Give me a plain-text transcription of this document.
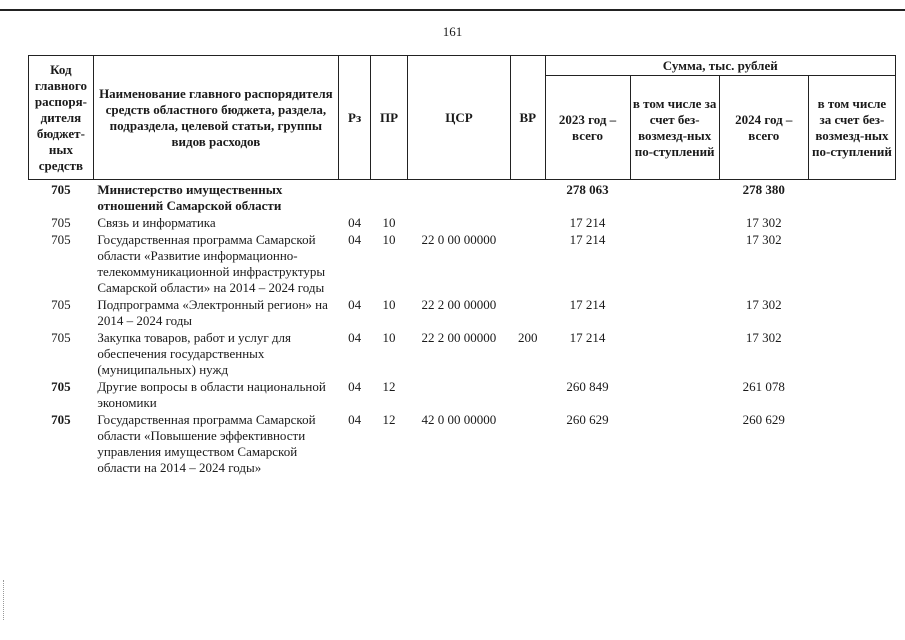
161
Код главного распоря-дителя бюджет-ных средств	Наименование главного распорядителя средств областного бюджета, раздела, подраздела, целевой статьи, группы видов расходов	Рз	ПР	ЦСР	ВР	Сумма, тыс. рублей			
						2023 год – всего	в том числе за счет без-возмезд-ных по-ступлений	2024 год – всего	в том числе за счет без-возмезд-ных по-ступлений
705	Министерство имущественных отношений Самарской области					278 063		278 380	
705	Связь и информатика	04	10			17 214		17 302	
705	Государственная программа Самарской области «Развитие информационно-телекоммуникационной инфраструктуры Самарской области» на 2014 – 2024 годы	04	10	22 0 00 00000		17 214		17 302	
705	Подпрограмма «Электронный регион» на 2014 – 2024 годы	04	10	22 2 00 00000		17 214		17 302	
705	Закупка товаров, работ и услуг для обеспечения государственных (муниципальных) нужд	04	10	22 2 00 00000	200	17 214		17 302	
705	Другие вопросы в области национальной экономики	04	12			260 849		261 078	
705	Государственная программа Самарской области «Повышение эффективности управления имуществом Самарской области на 2014 – 2024 годы»	04	12	42 0 00 00000		260 629		260 629	
